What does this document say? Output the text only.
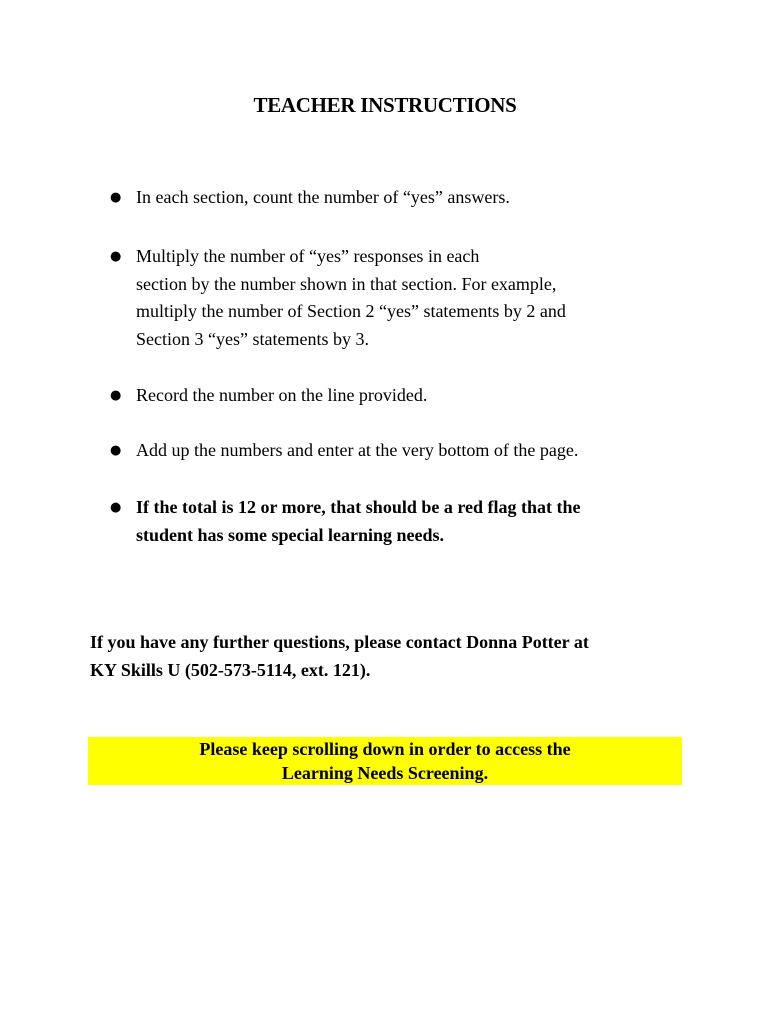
TEACHER INSTRUCTIONS
● In each section, count the number of “yes” answers.
● Multiply the number of “yes” responses in each
section by the number shown in that section. For example,
multiply the number of Section 2 “yes” statements by 2 and
Section 3 “yes” statements by 3.
● Record the number on the line provided.
● Add up the numbers and enter at the very bottom of the page.
● If the total is 12 or more, that should be a red flag that the
student has some special learning needs.
If you have any further questions, please contact Donna Potter at
KY Skills U (502-573-5114, ext. 121).
Please keep scrolling down in order to access the
Learning Needs Screening.
